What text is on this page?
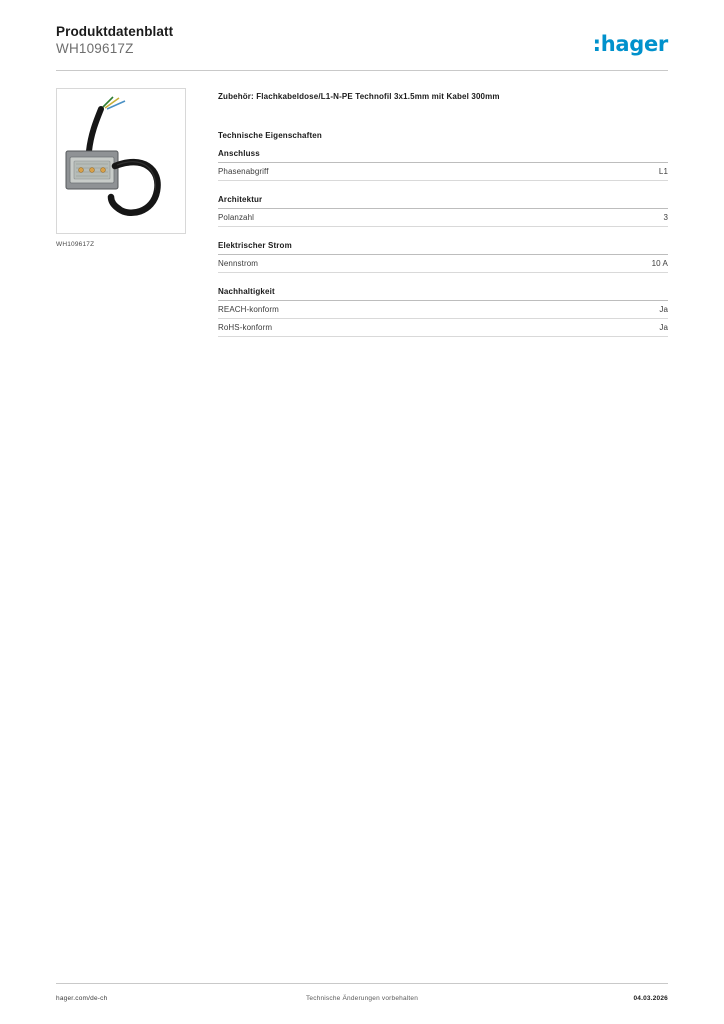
Produktdatenblatt
WH109617Z	:hager
WH109617Z
Zubehör: Flachkabeldose/L1-N-PE Technofil 3x1.5mm mit Kabel 300mm
Technische Eigenschaften
Anschluss
Phasenabgriff	L1
Architektur
Polanzahl	3
Elektrischer Strom
Nennstrom	10 A
Nachhaltigkeit
REACH-konform	Ja
RoHS-konform	Ja
hager.com/de-ch	Technische Änderungen vorbehalten	04.03.2026
